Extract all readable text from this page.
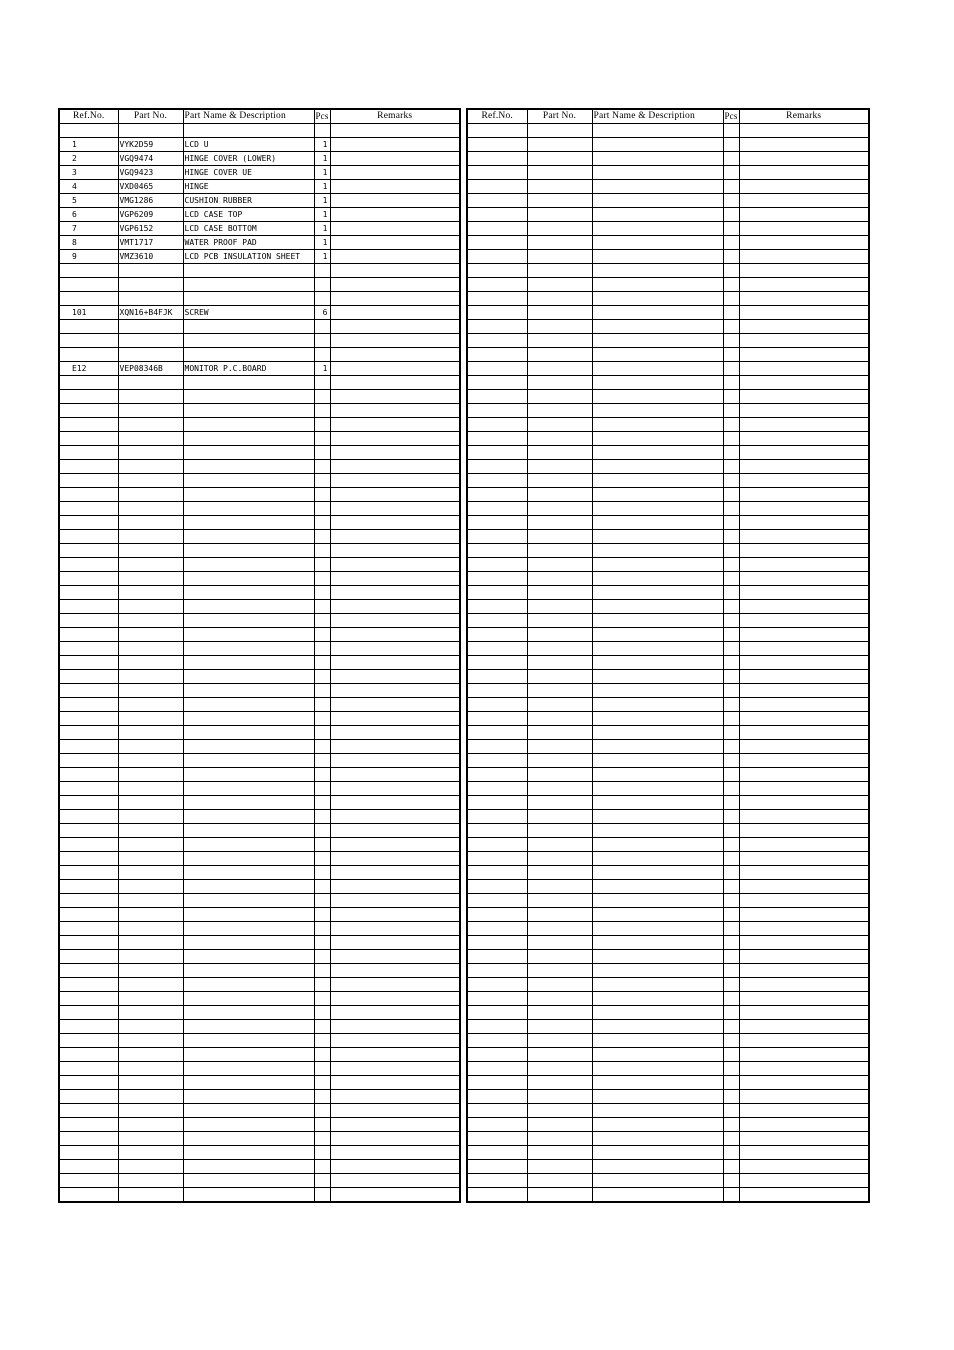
Ref.No.	Part No.	Part Name & Description	Pcs	Remarks

1	VYK2D59	LCD U	1	
2	VGQ9474	HINGE COVER (LOWER)	1	
3	VGQ9423	HINGE COVER UE	1	
4	VXD0465	HINGE	1	
5	VMG1286	CUSHION RUBBER	1	
6	VGP6209	LCD CASE TOP	1	
7	VGP6152	LCD CASE BOTTOM	1	
8	VMT1717	WATER PROOF PAD	1	
9	VMZ3610	LCD PCB INSULATION SHEET	1	

101	XQN16+B4FJK	SCREW	6	

E12	VEP08346B	MONITOR P.C.BOARD	1	

Ref.No.	Part No.	Part Name & Description	Pcs	Remarks
